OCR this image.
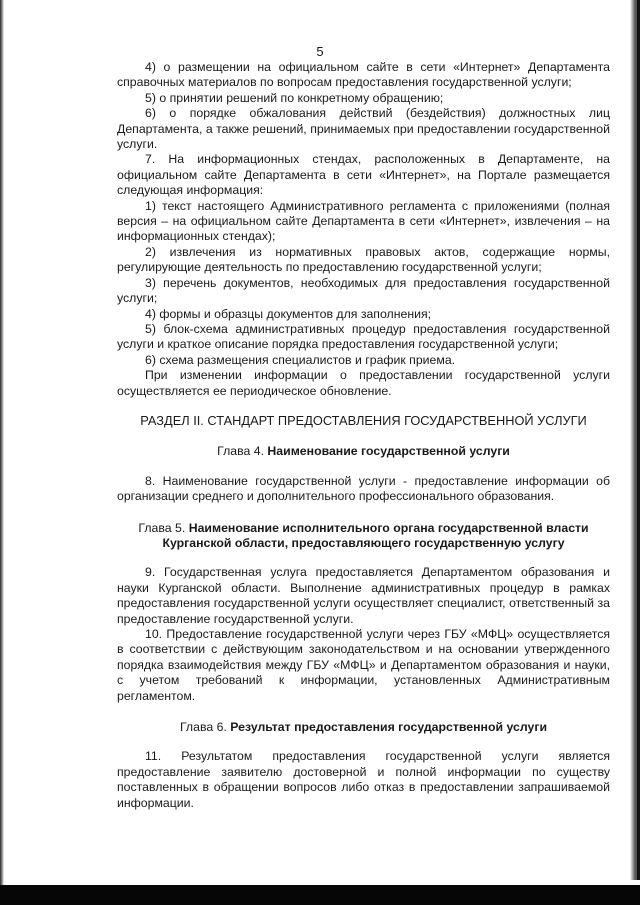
5
4) о размещении на официальном сайте в сети «Интернет» Департамента справочных материалов по вопросам предоставления государственной услуги;
5) о принятии решений по конкретному обращению;
6) о порядке обжалования действий (бездействия) должностных лиц Департамента, а также решений, принимаемых при предоставлении государственной услуги.
7. На информационных стендах, расположенных в Департаменте, на официальном сайте Департамента в сети «Интернет», на Портале размещается следующая информация:
1) текст настоящего Административного регламента с приложениями (полная версия – на официальном сайте Департамента в сети «Интернет», извлечения – на информационных стендах);
2) извлечения из нормативных правовых актов, содержащие нормы, регулирующие деятельность по предоставлению государственной услуги;
3) перечень документов, необходимых для предоставления государственной услуги;
4) формы и образцы документов для заполнения;
5) блок-схема административных процедур предоставления государственной услуги и краткое описание порядка предоставления государственной услуги;
6) схема размещения специалистов и график приема.
При изменении информации о предоставлении государственной услуги осуществляется ее периодическое обновление.
РАЗДЕЛ II. СТАНДАРТ ПРЕДОСТАВЛЕНИЯ ГОСУДАРСТВЕННОЙ УСЛУГИ
Глава 4. Наименование государственной услуги
8. Наименование государственной услуги - предоставление информации об организации среднего и дополнительного профессионального образования.
Глава 5. Наименование исполнительного органа государственной власти Курганской области, предоставляющего государственную услугу
9. Государственная услуга предоставляется Департаментом образования и науки Курганской области. Выполнение административных процедур в рамках предоставления государственной услуги осуществляет специалист, ответственный за предоставление государственной услуги.
10. Предоставление государственной услуги через ГБУ «МФЦ» осуществляется в соответствии с действующим законодательством и на основании утвержденного порядка взаимодействия между ГБУ «МФЦ» и Департаментом образования и науки, с учетом требований к информации, установленных Административным регламентом.
Глава 6. Результат предоставления государственной услуги
11. Результатом предоставления государственной услуги является предоставление заявителю достоверной и полной информации по существу поставленных в обращении вопросов либо отказ в предоставлении запрашиваемой информации.
